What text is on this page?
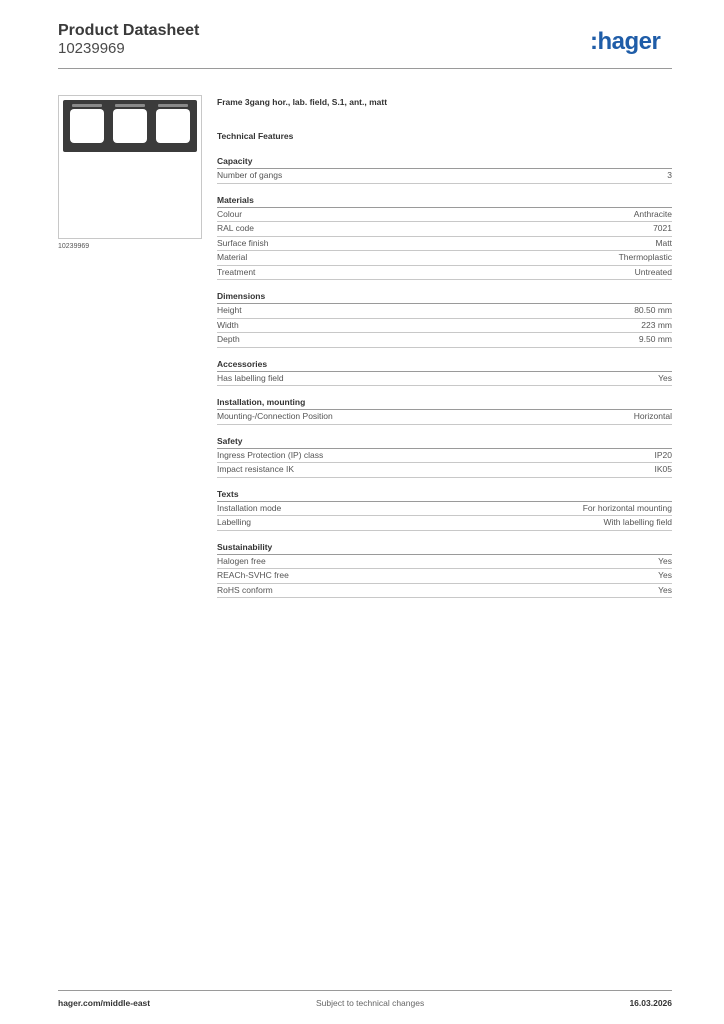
Product Datasheet
10239969	:hager
10239969
Frame 3gang hor., lab. field, S.1, ant., matt
Technical Features
Capacity
Number of gangs	3
Materials
Colour	Anthracite
RAL code	7021
Surface finish	Matt
Material	Thermoplastic
Treatment	Untreated
Dimensions
Height	80.50 mm
Width	223 mm
Depth	9.50 mm
Accessories
Has labelling field	Yes
Installation, mounting
Mounting-/Connection Position	Horizontal
Safety
Ingress Protection (IP) class	IP20
Impact resistance IK	IK05
Texts
Installation mode	For horizontal mounting
Labelling	With labelling field
Sustainability
Halogen free	Yes
REACh-SVHC free	Yes
RoHS conform	Yes
hager.com/middle-east	Subject to technical changes	16.03.2026
